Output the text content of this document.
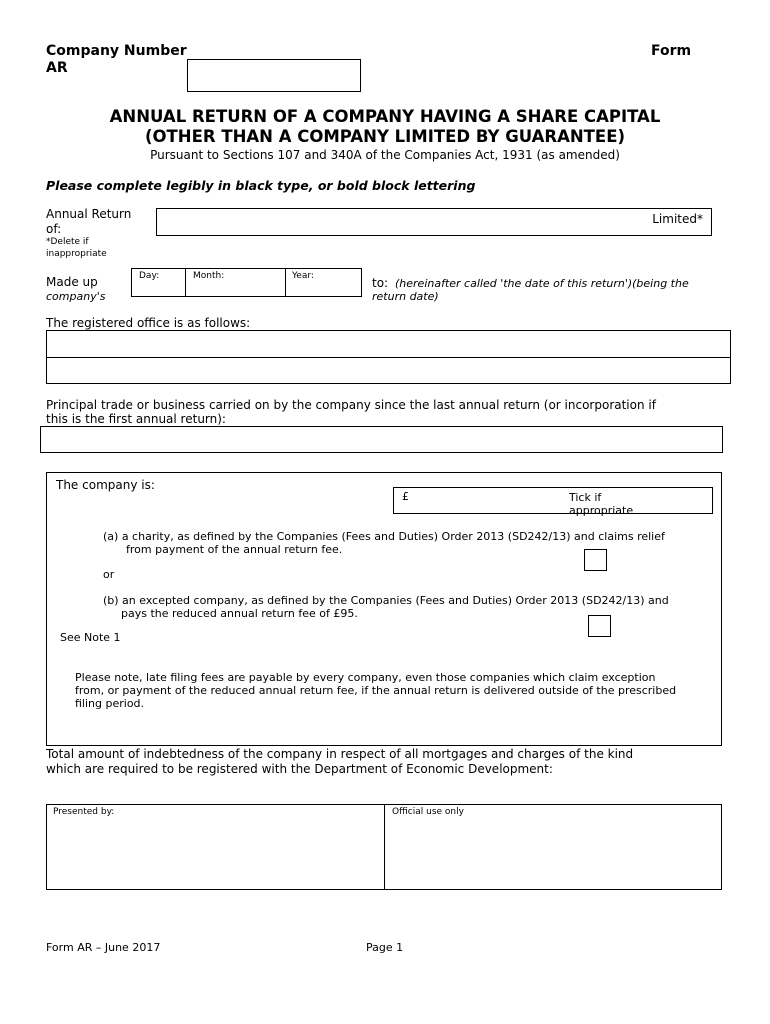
Company Number
AR
Form
ANNUAL RETURN OF A COMPANY HAVING A SHARE CAPITAL
(OTHER THAN A COMPANY LIMITED BY GUARANTEE)
Pursuant to Sections 107 and 340A of the Companies Act, 1931 (as amended)
Please complete legibly in black type, or bold block lettering
Annual Return
of:
*Delete if
inappropriate
Limited*
Made up
company's
Day:	Month:	Year:	to: (hereinafter called 'the date of this return')(being the
return date)
The registered office is as follows:
Principal trade or business carried on by the company since the last annual return (or incorporation if
this is the first annual return):
The company is:
£	Tick if
appropriate
(a) a charity, as defined by the Companies (Fees and Duties) Order 2013 (SD242/13) and claims relief
from payment of the annual return fee.
or
(b) an excepted company, as defined by the Companies (Fees and Duties) Order 2013 (SD242/13) and
pays the reduced annual return fee of £95.
See Note 1
Please note, late filing fees are payable by every company, even those companies which claim exception
from, or payment of the reduced annual return fee, if the annual return is delivered outside of the prescribed
filing period.
Total amount of indebtedness of the company in respect of all mortgages and charges of the kind
which are required to be registered with the Department of Economic Development:
Presented by:	Official use only
Form AR – June 2017	Page 1
